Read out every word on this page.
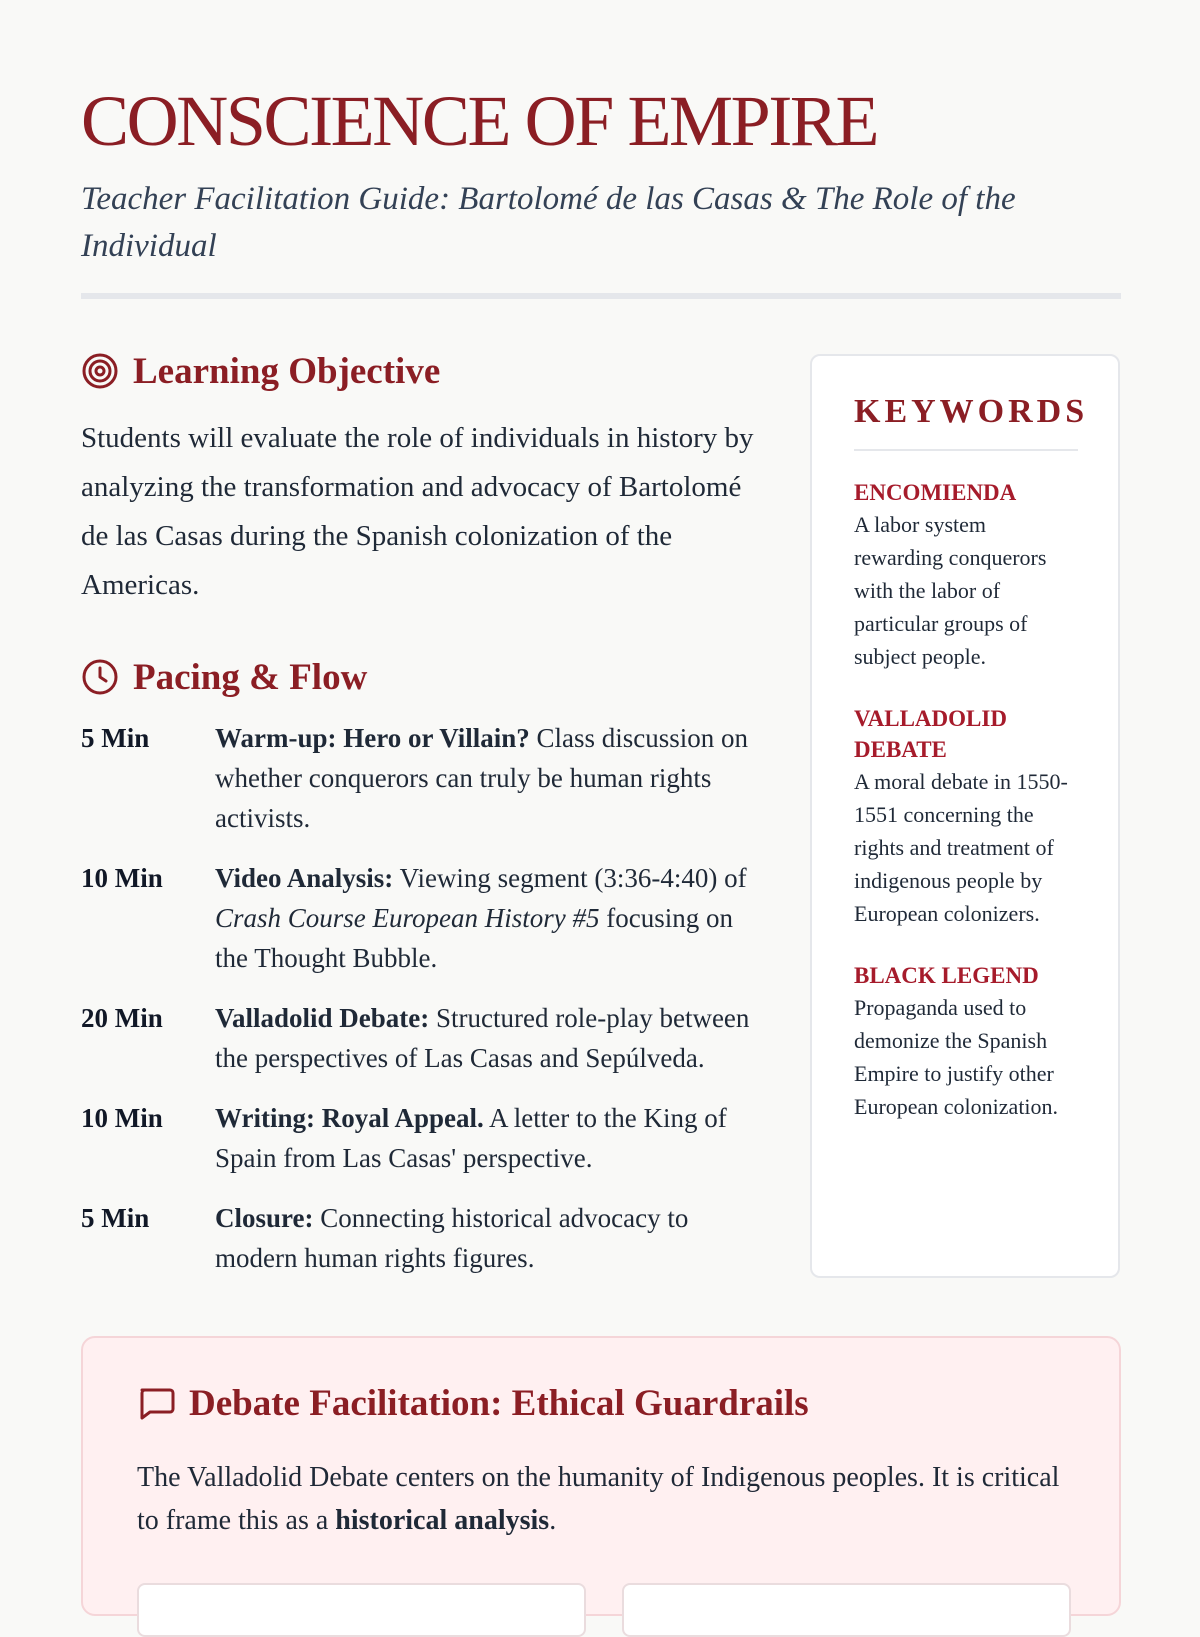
CONSCIENCE OF EMPIRE

Teacher Facilitation Guide: Bartolomé de las Casas & The Role of the Individual

Learning Objective

Students will evaluate the role of individuals in history by analyzing the transformation and advocacy of Bartolomé de las Casas during the Spanish colonization of the Americas.

Pacing & Flow
5 Min	Warm-up: Hero or Villain? Class discussion on whether conquerors can truly be human rights activists.
10 Min	Video Analysis: Viewing segment (3:36-4:40) of Crash Course European History #5 focusing on the Thought Bubble.
20 Min	Valladolid Debate: Structured role-play between the perspectives of Las Casas and Sepúlveda.
10 Min	Writing: Royal Appeal. A letter to the King of Spain from Las Casas' perspective.
5 Min	Closure: Connecting historical advocacy to modern human rights figures.
KEYWORDS
ENCOMIENDA
A labor system rewarding conquerors with the labor of particular groups of subject people.
VALLADOLID DEBATE
A moral debate in 1550-1551 concerning the rights and treatment of indigenous people by European colonizers.
BLACK LEGEND
Propaganda used to demonize the Spanish Empire to justify other European colonization.
Debate Facilitation: Ethical Guardrails

The Valladolid Debate centers on the humanity of Indigenous peoples. It is critical to frame this as a historical analysis.
